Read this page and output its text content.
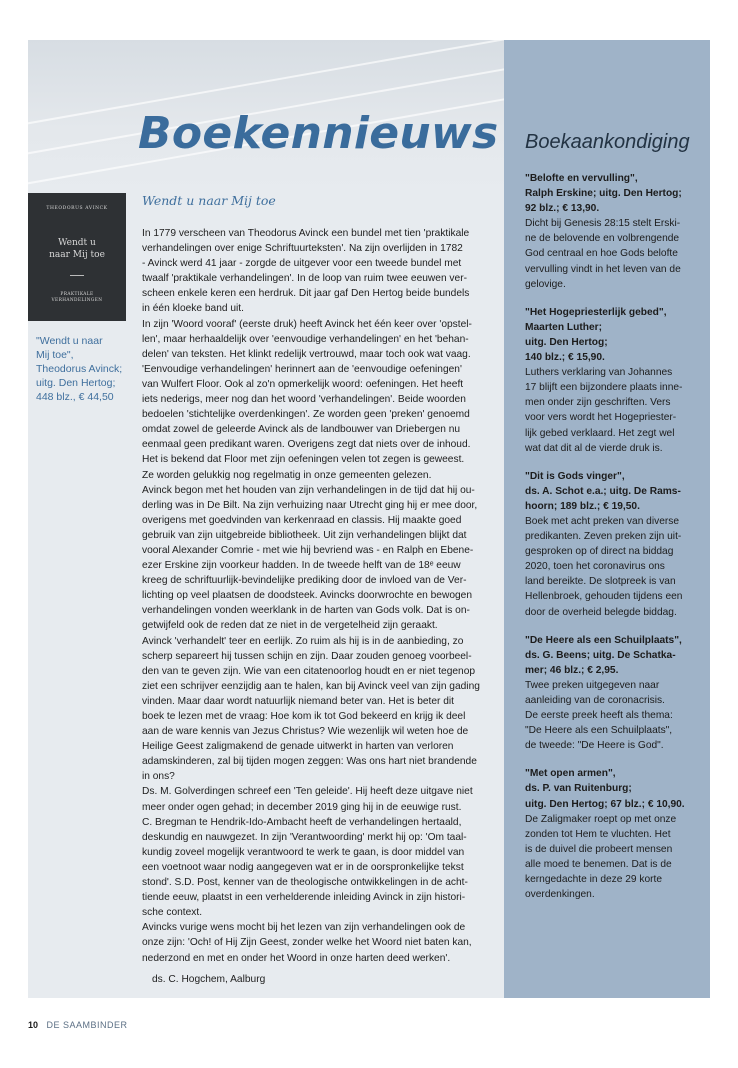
Boekennieuws
THEODORUS AVINCK
Wendt u
naar Mij toe
PRAKTIKALE
VERHANDELINGEN
"Wendt u naar
Mij toe",
Theodorus Avinck;
uitg. Den Hertog;
448 blz., € 44,50
Wendt u naar Mij toe
In 1779 verscheen van Theodorus Avinck een bundel met tien 'praktikale
verhandelingen over enige Schriftuurteksten'. Na zijn overlijden in 1782
- Avinck werd 41 jaar - zorgde de uitgever voor een tweede bundel met
twaalf 'praktikale verhandelingen'. In de loop van ruim twee eeuwen ver-
scheen enkele keren een herdruk. Dit jaar gaf Den Hertog beide bundels
in één kloeke band uit.
In zijn 'Woord vooraf' (eerste druk) heeft Avinck het één keer over 'opstel-
len', maar herhaaldelijk over 'eenvoudige verhandelingen' en het 'behan-
delen' van teksten. Het klinkt redelijk vertrouwd, maar toch ook wat vaag.
'Eenvoudige verhandelingen' herinnert aan de 'eenvoudige oefeningen'
van Wulfert Floor. Ook al zo'n opmerkelijk woord: oefeningen. Het heeft
iets nederigs, meer nog dan het woord 'verhandelingen'. Beide woorden
bedoelen 'stichtelijke overdenkingen'. Ze worden geen 'preken' genoemd
omdat zowel de geleerde Avinck als de landbouwer van Driebergen nu
eenmaal geen predikant waren. Overigens zegt dat niets over de inhoud.
Het is bekend dat Floor met zijn oefeningen velen tot zegen is geweest.
Ze worden gelukkig nog regelmatig in onze gemeenten gelezen.
Avinck begon met het houden van zijn verhandelingen in de tijd dat hij ou-
derling was in De Bilt. Na zijn verhuizing naar Utrecht ging hij er mee door,
overigens met goedvinden van kerkenraad en classis. Hij maakte goed
gebruik van zijn uitgebreide bibliotheek. Uit zijn verhandelingen blijkt dat
vooral Alexander Comrie - met wie hij bevriend was - en Ralph en Ebene-
ezer Erskine zijn voorkeur hadden. In de tweede helft van de 18ᵉ eeuw
kreeg de schriftuurlijk-bevindelijke prediking door de invloed van de Ver-
lichting op veel plaatsen de doodsteek. Avincks doorwrochte en bewogen
verhandelingen vonden weerklank in de harten van Gods volk. Dat is on-
getwijfeld ook de reden dat ze niet in de vergetelheid zijn geraakt.
Avinck 'verhandelt' teer en eerlijk. Zo ruim als hij is in de aanbieding, zo
scherp separeert hij tussen schijn en zijn. Daar zouden genoeg voorbeel-
den van te geven zijn. Wie van een citatenoorlog houdt en er niet tegenop
ziet een schrijver eenzijdig aan te halen, kan bij Avinck veel van zijn gading
vinden. Maar daar wordt natuurlijk niemand beter van. Het is beter dit
boek te lezen met de vraag: Hoe kom ik tot God bekeerd en krijg ik deel
aan de ware kennis van Jezus Christus? Wie wezenlijk wil weten hoe de
Heilige Geest zaligmakend de genade uitwerkt in harten van verloren
adamskinderen, zal bij tijden mogen zeggen: Was ons hart niet brandende
in ons?
Ds. M. Golverdingen schreef een 'Ten geleide'. Hij heeft deze uitgave niet
meer onder ogen gehad; in december 2019 ging hij in de eeuwige rust.
C. Bregman te Hendrik-Ido-Ambacht heeft de verhandelingen hertaald,
deskundig en nauwgezet. In zijn 'Verantwoording' merkt hij op: 'Om taal-
kundig zoveel mogelijk verantwoord te werk te gaan, is door middel van
een voetnoot waar nodig aangegeven wat er in de oorspronkelijke tekst
stond'. S.D. Post, kenner van de theologische ontwikkelingen in de acht-
tiende eeuw, plaatst in een verhelderende inleiding Avinck in zijn histori-
sche context.
Avincks vurige wens mocht bij het lezen van zijn verhandelingen ook de
onze zijn: 'Och! of Hij Zijn Geest, zonder welke het Woord niet baten kan,
nederzond en met en onder het Woord in onze harten deed werken'.
ds. C. Hogchem, Aalburg
Boekaankondiging
"Belofte en vervulling",
Ralph Erskine; uitg. Den Hertog;
92 blz.; € 13,90.
Dicht bij Genesis 28:15 stelt Erski-
ne de belovende en volbrengende
God centraal en hoe Gods belofte
vervulling vindt in het leven van de
gelovige.
"Het Hogepriesterlijk gebed",
Maarten Luther;
uitg. Den Hertog;
140 blz.; € 15,90.
Luthers verklaring van Johannes
17 blijft een bijzondere plaats inne-
men onder zijn geschriften. Vers
voor vers wordt het Hogepriester-
lijk gebed verklaard. Het zegt wel
wat dat dit al de vierde druk is.
"Dit is Gods vinger",
ds. A. Schot e.a.; uitg. De Rams-
hoorn; 189 blz.; € 19,50.
Boek met acht preken van diverse
predikanten. Zeven preken zijn uit-
gesproken op of direct na biddag
2020, toen het coronavirus ons
land bereikte. De slotpreek is van
Hellenbroek, gehouden tijdens een
door de overheid belegde biddag.
"De Heere als een Schuilplaats",
ds. G. Beens; uitg. De Schatka-
mer; 46 blz.; € 2,95.
Twee preken uitgegeven naar
aanleiding van de coronacrisis.
De eerste preek heeft als thema:
"De Heere als een Schuilplaats",
de tweede: "De Heere is God".
"Met open armen",
ds. P. van Ruitenburg;
uitg. Den Hertog; 67 blz.; € 10,90.
De Zaligmaker roept op met onze
zonden tot Hem te vluchten. Het
is de duivel die probeert mensen
alle moed te benemen. Dat is de
kerngedachte in deze 29 korte
overdenkingen.
10 DE SAAMBINDER
